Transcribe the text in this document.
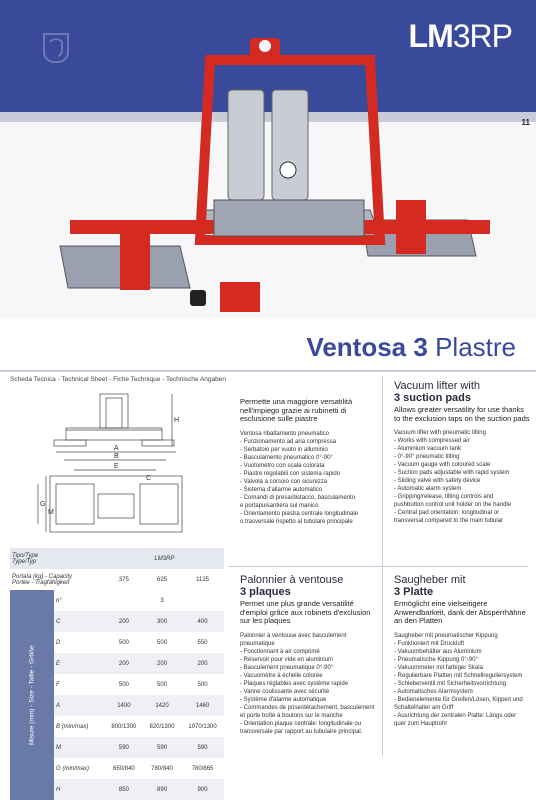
LM3RP
11
Ventosa 3 Plastre
Scheda Tecnica - Technical Sheet - Fiche Technique - Technische Angaben
H
A
B
E
C
G
M
Tipo/Type
Type/Typ		LM3RP		
Portata (kg) - Capacity
Portée - Tragfähigkeit		375	625	1125
Misure (mm) - Size - Taille - Größe	n°		3	
	C	200	300	400
	D	500	500	550
	E	200	200	200
	F	500	500	500
	A	1400	1420	1460
	B (min/max)	800/1300	820/1300	1070/1300
	M	590	590	590
	G (min/max)	650/840	780/840	780/865
	H	850	890	900
Permette una maggiore versatilità nell'impiego grazie ai rubinetti di esclusione sulle piastre
Ventosa ribaltamento pneumatico
- Funzionamento ad aria compressa
- Serbatoio per vuoto in alluminio
- Basculamento pneumatico 0°-90°
- Vuotometro con scala colorata
- Piastre regolabili con sistema rapido
- Valvola a corsoio con sicurezza
- Sistema d'allarme automatico
- Comandi di presa/distacco, basculamento
e portapulsantiera sul manico
- Orientamento piastra centrale longitudinale
o trasversale rispetto al tubolare principale
Vacuum lifter with
3 suction pads
Allows greater versatility for use thanks to the exclusion taps on the suction pads
Vacuum lifter with pneumatic tilting
- Works with compressed air
- Aluminium vacuum tank
- 0°-90° pneumatic tilting
- Vacuum gauge with coloured scale
- Suction pads adjustable with rapid system
- Sliding valve with safety device
- Automatic alarm system
- Gripping/release, tilting controls and
pushbutton control unit holder on the handle
- Central pad orientation: longitudinal or
transversal compared to the main tubular
Palonnier à ventouse
3 plaques
Permet une plus grande versatilité d'emploi grâce aux robinets d'exclusion sur les plaques
Palonnier à ventouse avec basculement pneumatique
- Fonctionnant à air comprimé
- Réservoir pour vide en aluminium
- Basculement pneumatique 0°-90°
- Vacuomètre à échelle colorée
- Plaques réglables avec système rapide
- Vanne coulissante avec sécurité
- Système d'alarme automatique
- Commandes de prise/détachement, basculement
et porte boîte à boutons sur le manche
- Orientation plaque centrale: longitudinale ou
transversale par rapport au tubulaire principal.
Saugheber mit
3 Platte
Ermöglicht eine vielseitigere Anwendbarkeit, dank der Absperrhähne an den Platten
Saugheber mit pneumatischer Kippung
- Funktioniert mit Druckluft
- Vakuumbehälter aus Aluminium
- Pneumatische Kippung 0°-90°
- Vakuummeter mit farbiger Skala
- Regulierbare Platten mit Schnellreguliersystem
- Schieberventil mit Sicherheitsvorrichtung
- Automatisches Alarmsystem
- Bedienelemente für Greifen/Lösen, Kippen und
Schaltelhalter am Griff
- Ausrichtung der zentralen Platte: Längs oder
quer zum Hauptrohr
